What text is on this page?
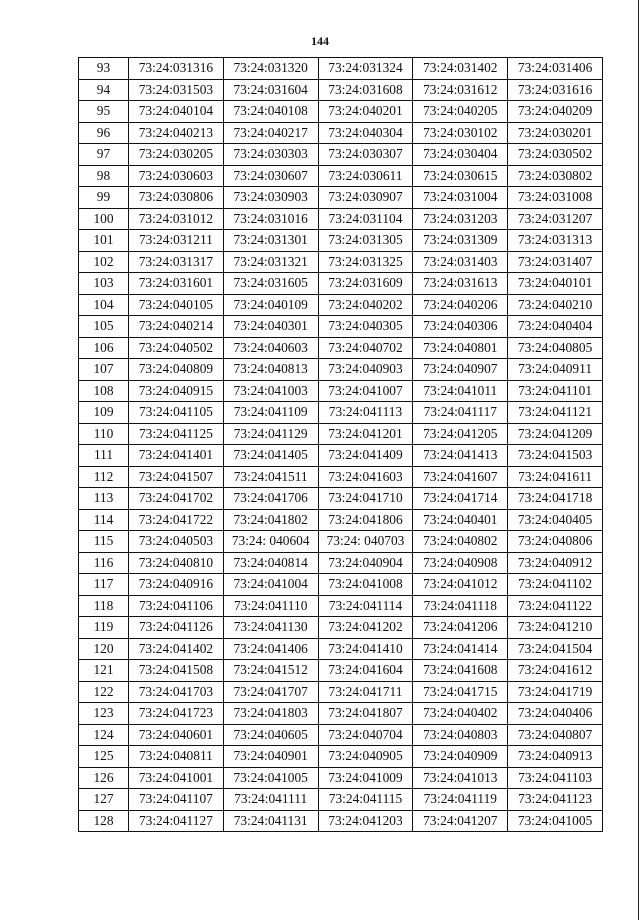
144
93	73:24:031316	73:24:031320	73:24:031324	73:24:031402	73:24:031406
94	73:24:031503	73:24:031604	73:24:031608	73:24:031612	73:24:031616
95	73:24:040104	73:24:040108	73:24:040201	73:24:040205	73:24:040209
96	73:24:040213	73:24:040217	73:24:040304	73:24:030102	73:24:030201
97	73:24:030205	73:24:030303	73:24:030307	73:24:030404	73:24:030502
98	73:24:030603	73:24:030607	73:24:030611	73:24:030615	73:24:030802
99	73:24:030806	73:24:030903	73:24:030907	73:24:031004	73:24:031008
100	73:24:031012	73:24:031016	73:24:031104	73:24:031203	73:24:031207
101	73:24:031211	73:24:031301	73:24:031305	73:24:031309	73:24:031313
102	73:24:031317	73:24:031321	73:24:031325	73:24:031403	73:24:031407
103	73:24:031601	73:24:031605	73:24:031609	73:24:031613	73:24:040101
104	73:24:040105	73:24:040109	73:24:040202	73:24:040206	73:24:040210
105	73:24:040214	73:24:040301	73:24:040305	73:24:040306	73:24:040404
106	73:24:040502	73:24:040603	73:24:040702	73:24:040801	73:24:040805
107	73:24:040809	73:24:040813	73:24:040903	73:24:040907	73:24:040911
108	73:24:040915	73:24:041003	73:24:041007	73:24:041011	73:24:041101
109	73:24:041105	73:24:041109	73:24:041113	73:24:041117	73:24:041121
110	73:24:041125	73:24:041129	73:24:041201	73:24:041205	73:24:041209
111	73:24:041401	73:24:041405	73:24:041409	73:24:041413	73:24:041503
112	73:24:041507	73:24:041511	73:24:041603	73:24:041607	73:24:041611
113	73:24:041702	73:24:041706	73:24:041710	73:24:041714	73:24:041718
114	73:24:041722	73:24:041802	73:24:041806	73:24:040401	73:24:040405
115	73:24:040503	73:24: 040604	73:24: 040703	73:24:040802	73:24:040806
116	73:24:040810	73:24:040814	73:24:040904	73:24:040908	73:24:040912
117	73:24:040916	73:24:041004	73:24:041008	73:24:041012	73:24:041102
118	73:24:041106	73:24:041110	73:24:041114	73:24:041118	73:24:041122
119	73:24:041126	73:24:041130	73:24:041202	73:24:041206	73:24:041210
120	73:24:041402	73:24:041406	73:24:041410	73:24:041414	73:24:041504
121	73:24:041508	73:24:041512	73:24:041604	73:24:041608	73:24:041612
122	73:24:041703	73:24:041707	73:24:041711	73:24:041715	73:24:041719
123	73:24:041723	73:24:041803	73:24:041807	73:24:040402	73:24:040406
124	73:24:040601	73:24:040605	73:24:040704	73:24:040803	73:24:040807
125	73:24:040811	73:24:040901	73:24:040905	73:24:040909	73:24:040913
126	73:24:041001	73:24:041005	73:24:041009	73:24:041013	73:24:041103
127	73:24:041107	73:24:041111	73:24:041115	73:24:041119	73:24:041123
128	73:24:041127	73:24:041131	73:24:041203	73:24:041207	73:24:041005
